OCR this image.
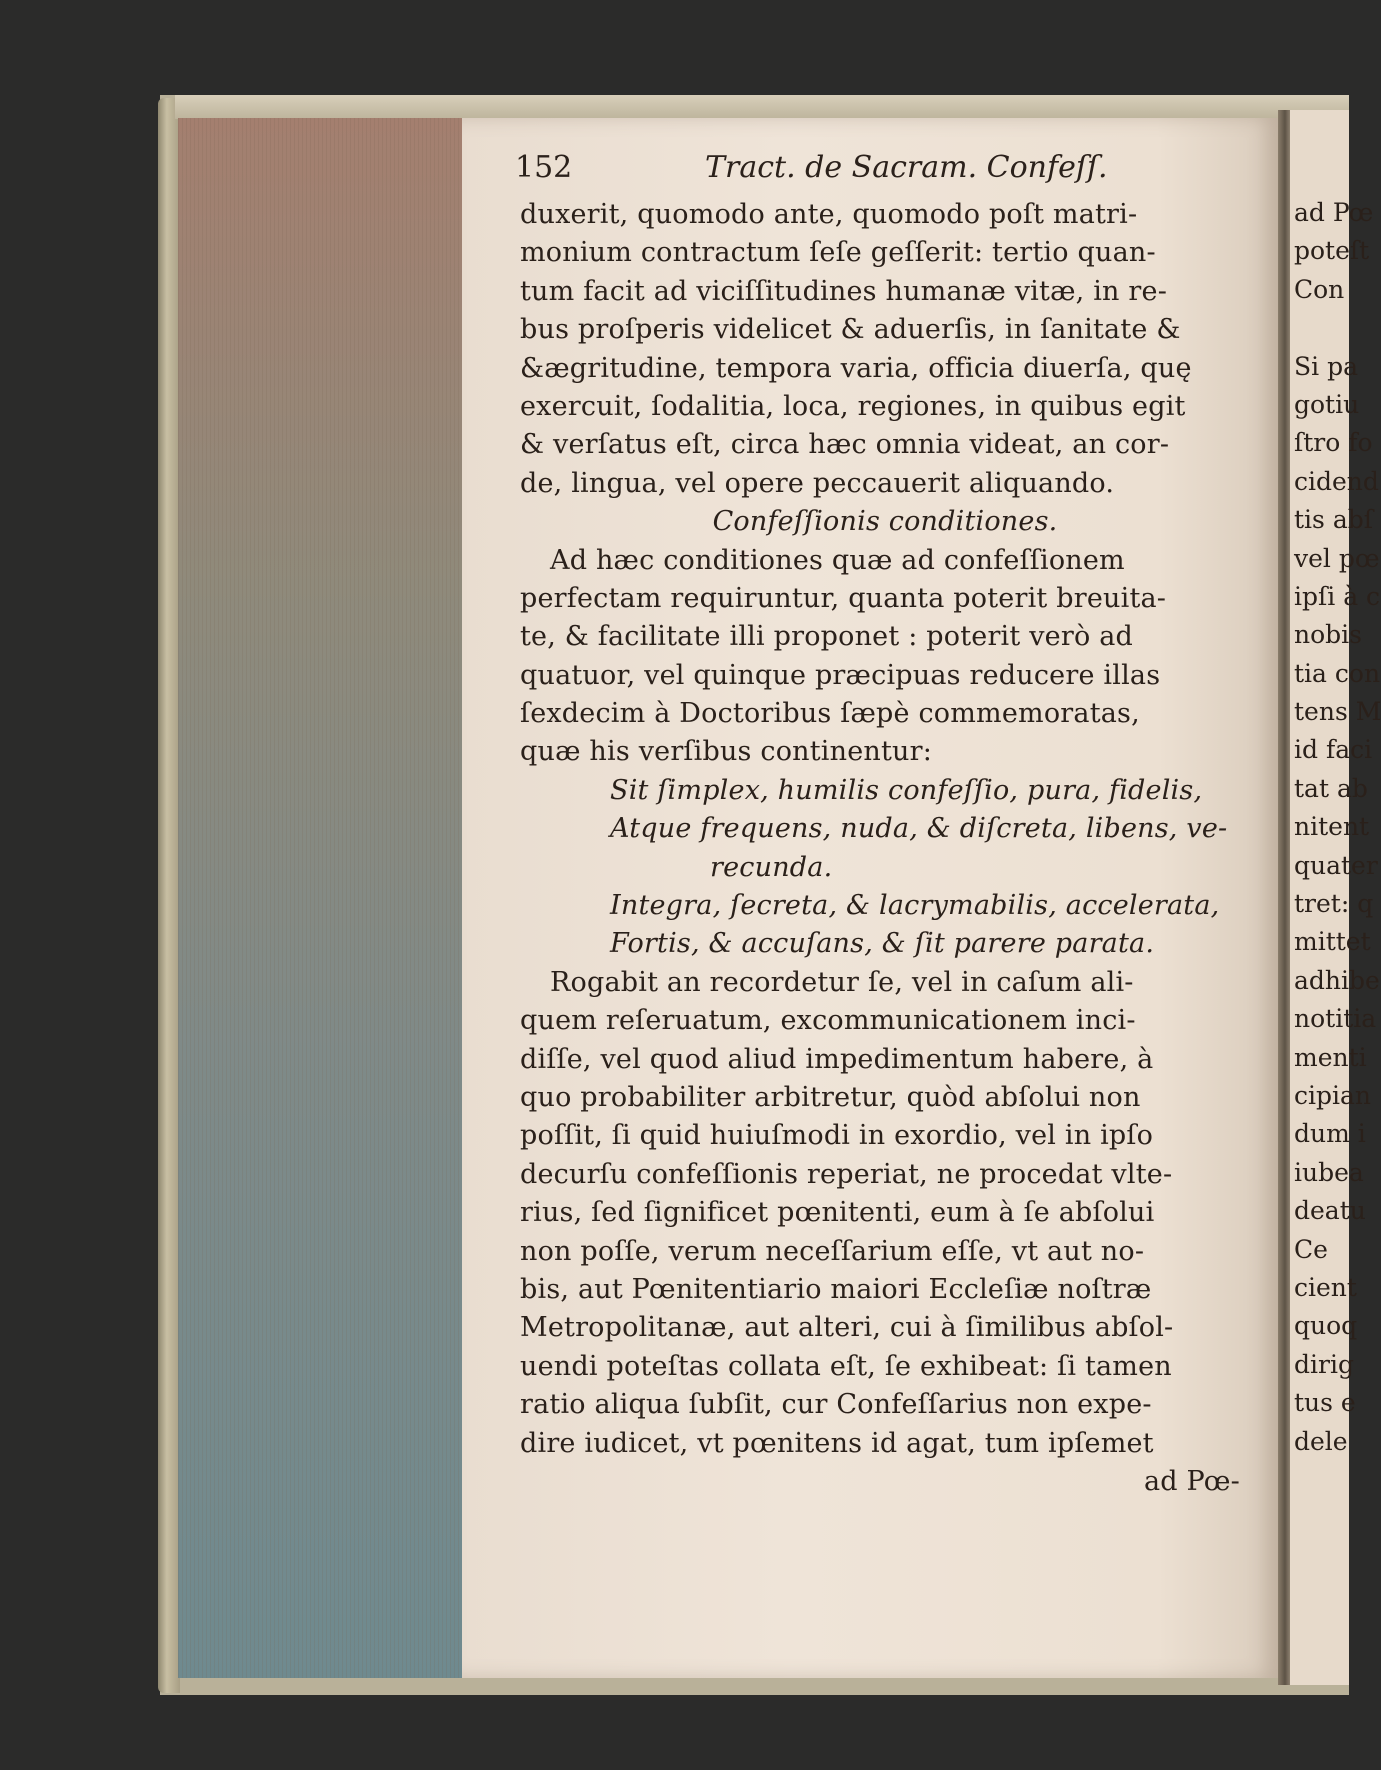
ad Pœ
poteſt
Con
Si pa
gotiu
ſtro fo
cidend
tis abſ
vel pœ
ipſi à c
nobis
tia con
tens M
id faci
tat ab
nitent
quater
tret: q
mittet
adhibe
notitia
menti
cipian
dum i
iubea
deatu
Ce
cient
quoq
dirig
tus e
dele
152	Tract. de Sacram. Confeſſ.
duxerit, quomodo ante, quomodo poſt matri-
monium contractum ſeſe geſſerit: tertio quan-
tum facit ad viciſſitudines humanæ vitæ, in re-
bus proſperis videlicet & aduerſis, in ſanitate &
&ægritudine, tempora varia, officia diuerſa, quę
exercuit, ſodalitia, loca, regiones, in quibus egit
& verſatus eſt, circa hæc omnia videat, an cor-
de, lingua, vel opere peccauerit aliquando.
Confeſſionis conditiones.
Ad hæc conditiones quæ ad confeſſionem
perfectam requiruntur, quanta poterit breuita-
te, & facilitate illi proponet : poterit verò ad
quatuor, vel quinque præcipuas reducere illas
ſexdecim à Doctoribus ſæpè commemoratas,
quæ his verſibus continentur:
Sit ſimplex, humilis confeſſio, pura, fidelis,
Atque frequens, nuda, & diſcreta, libens, ve-
recunda.
Integra, ſecreta, & lacrymabilis, accelerata,
Fortis, & accuſans, & ſit parere parata.
Rogabit an recordetur ſe, vel in caſum ali-
quem reſeruatum, excommunicationem inci-
diſſe, vel quod aliud impedimentum habere, à
quo probabiliter arbitretur, quòd abſolui non
poſſit, ſi quid huiuſmodi in exordio, vel in ipſo
decurſu confeſſionis reperiat, ne procedat vlte-
rius, ſed ſignificet pœnitenti, eum à ſe abſolui
non poſſe, verum neceſſarium eſſe, vt aut no-
bis, aut Pœnitentiario maiori Eccleſiæ noſtræ
Metropolitanæ, aut alteri, cui à ſimilibus abſol-
uendi poteſtas collata eſt, ſe exhibeat: ſi tamen
ratio aliqua ſubſit, cur Confeſſarius non expe-
dire iudicet, vt pœnitens id agat, tum ipſemet
ad Pœ-
